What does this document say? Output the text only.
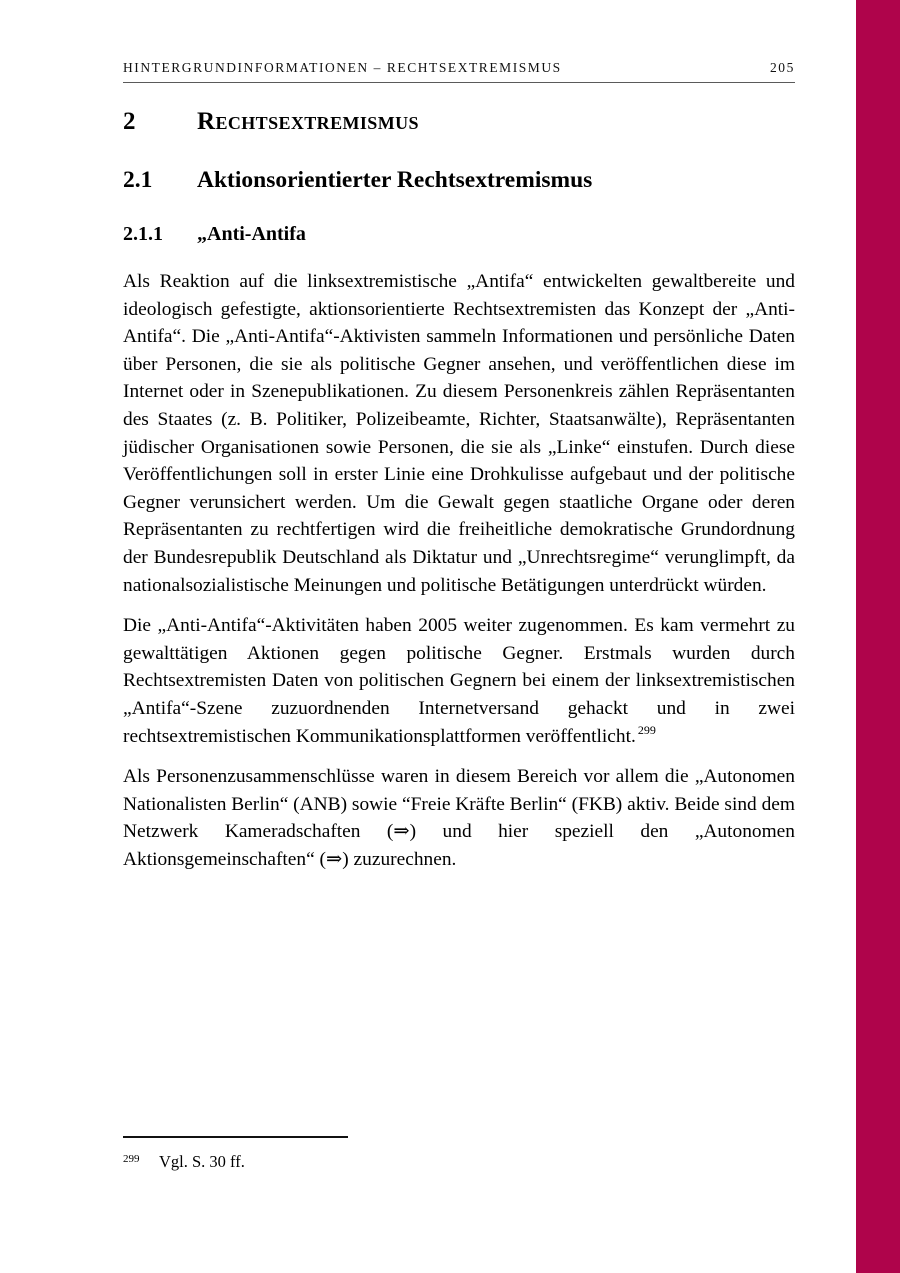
HINTERGRUNDINFORMATIONEN – RECHTSEXTREMISMUS	205
2	Rechtsextremismus
2.1	Aktionsorientierter Rechtsextremismus
2.1.1	„Anti-Antifa

Als Reaktion auf die linksextremistische „Antifa“ entwickelten gewaltbereite und ideologisch gefestigte, aktionsorientierte Rechtsextremisten das Konzept der „Anti-Antifa“. Die „Anti-Antifa“-Aktivisten sammeln Informationen und persönliche Daten über Personen, die sie als politische Gegner ansehen, und veröffentlichen diese im Internet oder in Szenepublikationen. Zu diesem Personenkreis zählen Repräsentanten des Staates (z. B. Politiker, Polizeibeamte, Richter, Staatsanwälte), Repräsentanten jüdischer Organisationen sowie Personen, die sie als „Linke“ einstufen. Durch diese Veröffentlichungen soll in erster Linie eine Drohkulisse aufgebaut und der politische Gegner verunsichert werden. Um die Gewalt gegen staatliche Organe oder deren Repräsentanten zu rechtfertigen wird die freiheitliche demokratische Grundordnung der Bundesrepublik Deutschland als Diktatur und „Unrechtsregime“ verunglimpft, da nationalsozialistische Meinungen und politische Betätigungen unterdrückt würden.

Die „Anti-Antifa“-Aktivitäten haben 2005 weiter zugenommen. Es kam vermehrt zu gewalttätigen Aktionen gegen politische Gegner. Erstmals wurden durch Rechtsextremisten Daten von politischen Gegnern bei einem der linksextremistischen „Antifa“-Szene zuzuordnenden Internetversand gehackt und in zwei rechtsextremistischen Kommunikationsplattformen veröffentlicht. $^{299}$

Als Personenzusammenschlüsse waren in diesem Bereich vor allem die „Autonomen Nationalisten Berlin“ (ANB) sowie “Freie Kräfte Berlin“ (FKB) aktiv. Beide sind dem Netzwerk Kameradschaften (⇒) und hier speziell den „Autonomen Aktionsgemeinschaften“ (⇒) zuzurechnen.

299	Vgl. S. 30 ff.
